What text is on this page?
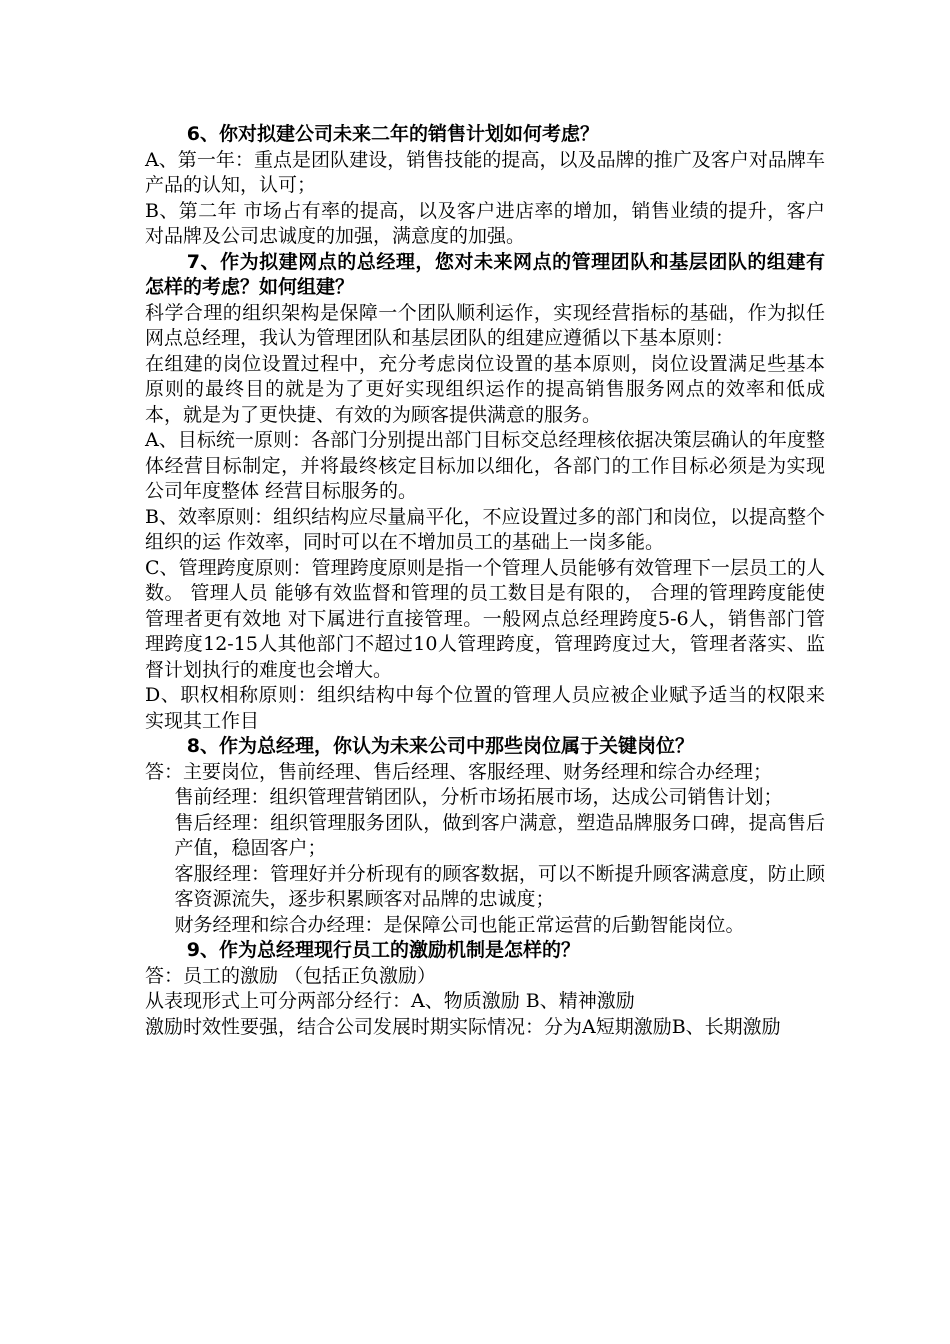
6、你对拟建公司未来二年的销售计划如何考虑？

A、第一年：重点是团队建设，销售技能的提高，以及品牌的推广及客户对品牌车产品的认知，认可；

B、第二年 市场占有率的提高，以及客户进店率的增加，销售业绩的提升，客户对品牌及公司忠诚度的加强，满意度的加强。

7、作为拟建网点的总经理，您对未来网点的管理团队和基层团队的组建有怎样的考虑？如何组建？

科学合理的组织架构是保障一个团队顺利运作，实现经营指标的基础，作为拟任网点总经理，我认为管理团队和基层团队的组建应遵循以下基本原则：

在组建的岗位设置过程中，充分考虑岗位设置的基本原则，岗位设置满足些基本原则的最终目的就是为了更好实现组织运作的提高销售服务网点的效率和低成本，就是为了更快捷、有效的为顾客提供满意的服务。

A、目标统一原则：各部门分别提出部门目标交总经理核依据决策层确认的年度整体经营目标制定，并将最终核定目标加以细化，各部门的工作目标必须是为实现公司年度整体 经营目标服务的。

B、效率原则：组织结构应尽量扁平化，不应设置过多的部门和岗位，以提高整个组织的运 作效率，同时可以在不增加员工的基础上一岗多能。

C、管理跨度原则：管理跨度原则是指一个管理人员能够有效管理下一层员工的人数。 管理人员 能够有效监督和管理的员工数目是有限的， 合理的管理跨度能使管理者更有效地 对下属进行直接管理。一般网点总经理跨度5-6人，销售部门管理跨度12-15人其他部门不超过10人管理跨度，管理跨度过大，管理者落实、监督计划执行的难度也会增大。

D、职权相称原则：组织结构中每个位置的管理人员应被企业赋予适当的权限来实现其工作目

8、作为总经理，你认为未来公司中那些岗位属于关键岗位？

答：主要岗位，售前经理、售后经理、客服经理、财务经理和综合办经理；

售前经理：组织管理营销团队，分析市场拓展市场，达成公司销售计划；

售后经理：组织管理服务团队，做到客户满意，塑造品牌服务口碑，提高售后产值，稳固客户；

客服经理：管理好并分析现有的顾客数据，可以不断提升顾客满意度，防止顾客资源流失，逐步积累顾客对品牌的忠诚度；

财务经理和综合办经理：是保障公司也能正常运营的后勤智能岗位。

9、作为总经理现行员工的激励机制是怎样的？

答：员工的激励 （包括正负激励）

从表现形式上可分两部分经行：A、物质激励 B、精神激励

激励时效性要强，结合公司发展时期实际情况：分为A短期激励B、长期激励
